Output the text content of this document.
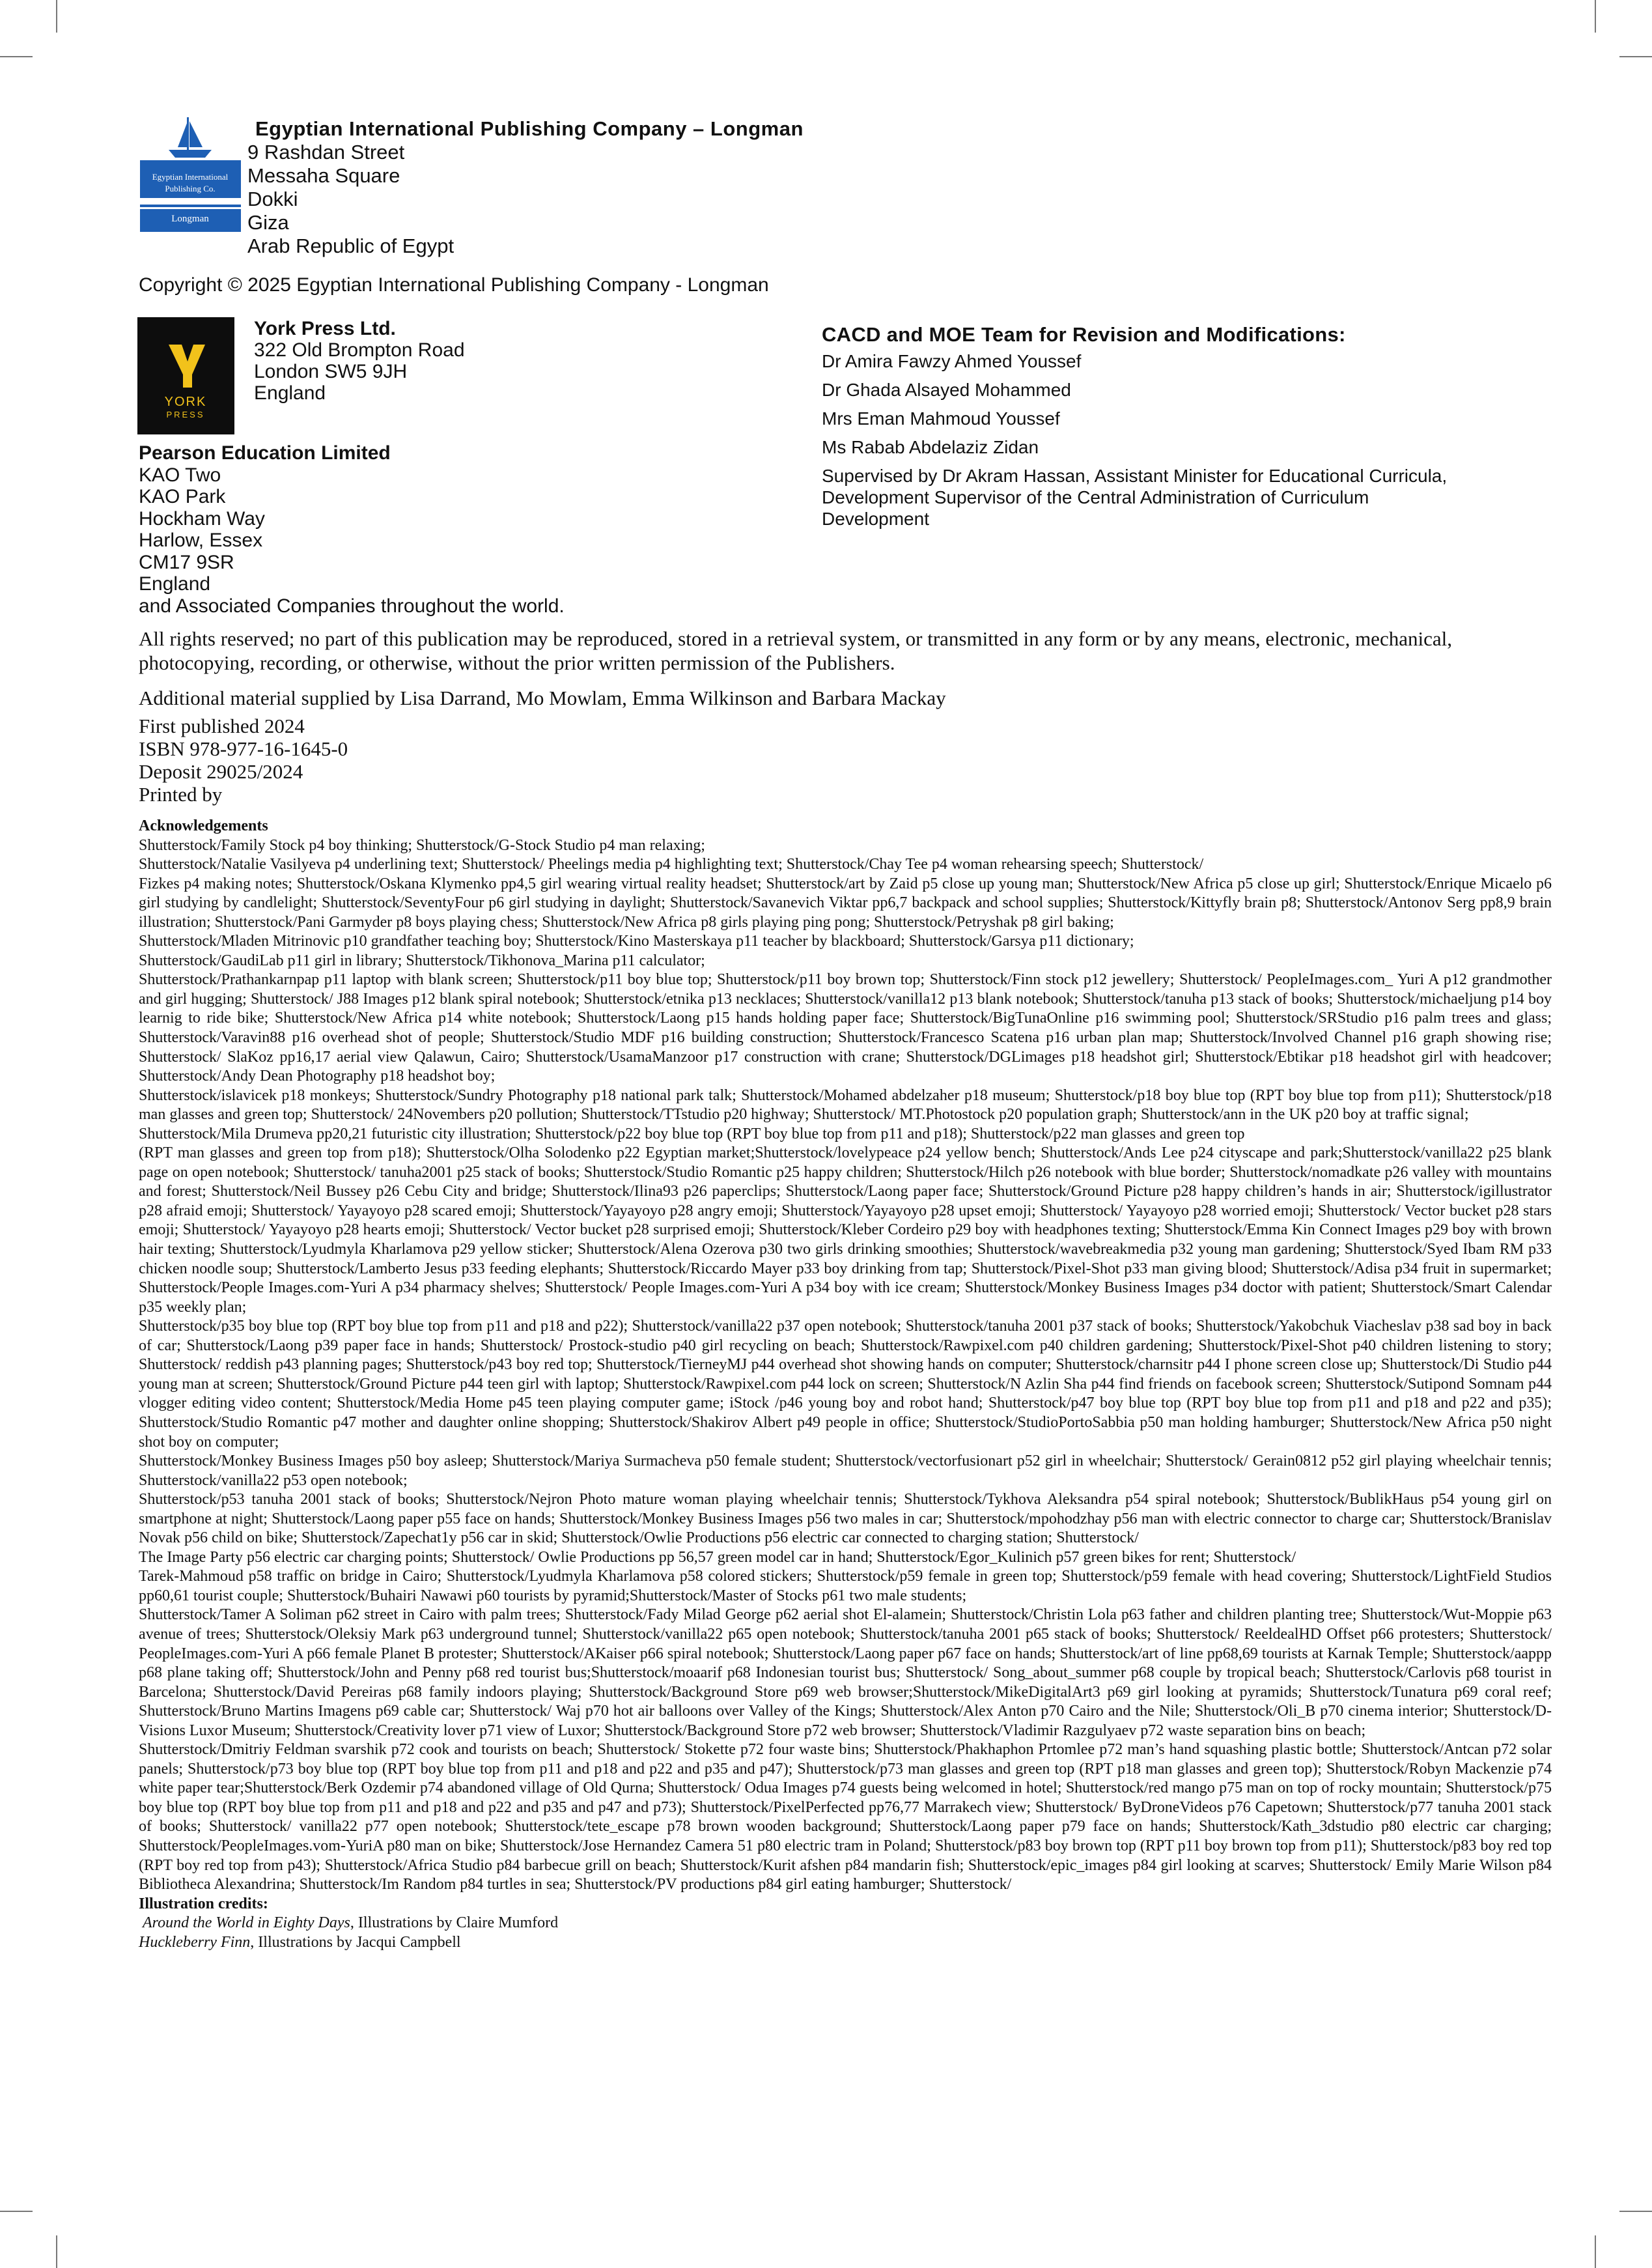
Egyptian International
Publishing Co.
Longman
Egyptian International Publishing Company – Longman
9 Rashdan Street
Messaha Square
Dokki
Giza
Arab Republic of Egypt
Copyright © 2025 Egyptian International Publishing Company - Longman
YORK
PRESS
York Press Ltd.
322 Old Brompton Road
London SW5 9JH
England
CACD and MOE Team for Revision and Modifications:
Dr Amira Fawzy Ahmed Youssef
Dr Ghada Alsayed Mohammed
Mrs Eman Mahmoud Youssef
Ms Rabab Abdelaziz Zidan
Supervised by Dr Akram Hassan, Assistant Minister for Educational Curricula, Development Supervisor of the Central Administration of Curriculum Development
Pearson Education Limited
KAO Two
KAO Park
Hockham Way
Harlow, Essex
CM17 9SR
England
and Associated Companies throughout the world.
All rights reserved; no part of this publication may be reproduced, stored in a retrieval system, or transmitted in any form or by any means, electronic, mechanical, photocopying, recording, or otherwise, without the prior written permission of the Publishers.
Additional material supplied by Lisa Darrand, Mo Mowlam, Emma Wilkinson and Barbara Mackay
First published 2024
ISBN 978-977-16-1645-0
Deposit 29025/2024
Printed by
Acknowledgements

Shutterstock/Family Stock p4 boy thinking; Shutterstock/G-Stock Studio p4 man relaxing;

Shutterstock/Natalie Vasilyeva p4 underlining text; Shutterstock/ Pheelings media p4 highlighting text; Shutterstock/Chay Tee p4 woman rehearsing speech; Shutterstock/

Fizkes p4 making notes; Shutterstock/Oskana Klymenko pp4,5 girl wearing virtual reality headset; Shutterstock/art by Zaid p5 close up young man; Shutterstock/New Africa p5 close up girl; Shutterstock/Enrique Micaelo p6 girl studying by candlelight; Shutterstock/SeventyFour p6 girl studying in daylight; Shutterstock/Savanevich Viktar pp6,7 backpack and school supplies; Shutterstock/Kittyfly brain p8; Shutterstock/Antonov Serg pp8,9 brain illustration; Shutterstock/Pani Garmyder p8 boys playing chess; Shutterstock/New Africa p8 girls playing ping pong; Shutterstock/Petryshak p8 girl baking;

Shutterstock/Mladen Mitrinovic p10 grandfather teaching boy; Shutterstock/Kino Masterskaya p11 teacher by blackboard; Shutterstock/Garsya p11 dictionary;

Shutterstock/GaudiLab p11 girl in library; Shutterstock/Tikhonova_Marina p11 calculator;

Shutterstock/Prathankarnpap p11 laptop with blank screen; Shutterstock/p11 boy blue top; Shutterstock/p11 boy brown top; Shutterstock/Finn stock p12 jewellery; Shutterstock/ PeopleImages.com_ Yuri A p12 grandmother and girl hugging; Shutterstock/ J88 Images p12 blank spiral notebook; Shutterstock/etnika p13 necklaces; Shutterstock/vanilla12 p13 blank notebook; Shutterstock/tanuha p13 stack of books; Shutterstock/michaeljung p14 boy learnig to ride bike; Shutterstock/New Africa p14 white notebook; Shutterstock/Laong p15 hands holding paper face; Shutterstock/BigTunaOnline p16 swimming pool; Shutterstock/SRStudio p16 palm trees and glass; Shutterstock/Varavin88 p16 overhead shot of people; Shutterstock/Studio MDF p16 building construction; Shutterstock/Francesco Scatena p16 urban plan map; Shutterstock/Involved Channel p16 graph showing rise; Shutterstock/ SlaKoz pp16,17 aerial view Qalawun, Cairo; Shutterstock/UsamaManzoor p17 construction with crane; Shutterstock/DGLimages p18 headshot girl; Shutterstock/Ebtikar p18 headshot girl with headcover; Shutterstock/Andy Dean Photography p18 headshot boy;

Shutterstock/islavicek p18 monkeys; Shutterstock/Sundry Photography p18 national park talk; Shutterstock/Mohamed abdelzaher p18 museum; Shutterstock/p18 boy blue top (RPT boy blue top from p11); Shutterstock/p18 man glasses and green top; Shutterstock/ 24Novembers p20 pollution; Shutterstock/TTstudio p20 highway; Shutterstock/ MT.Photostock p20 population graph; Shutterstock/ann in the UK p20 boy at traffic signal;

Shutterstock/Mila Drumeva pp20,21 futuristic city illustration; Shutterstock/p22 boy blue top (RPT boy blue top from p11 and p18); Shutterstock/p22 man glasses and green top

(RPT man glasses and green top from p18); Shutterstock/Olha Solodenko p22 Egyptian market;Shutterstock/lovelypeace p24 yellow bench; Shutterstock/Ands Lee p24 cityscape and park;Shutterstock/vanilla22 p25 blank page on open notebook; Shutterstock/ tanuha2001 p25 stack of books; Shutterstock/Studio Romantic p25 happy children; Shutterstock/Hilch p26 notebook with blue border; Shutterstock/nomadkate p26 valley with mountains and forest; Shutterstock/Neil Bussey p26 Cebu City and bridge; Shutterstock/Ilina93 p26 paperclips; Shutterstock/Laong paper face; Shutterstock/Ground Picture p28 happy children’s hands in air; Shutterstock/igillustrator p28 afraid emoji; Shutterstock/ Yayayoyo p28 scared emoji; Shutterstock/Yayayoyo p28 angry emoji; Shutterstock/Yayayoyo p28 upset emoji; Shutterstock/ Yayayoyo p28 worried emoji; Shutterstock/ Vector bucket p28 stars emoji; Shutterstock/ Yayayoyo p28 hearts emoji; Shutterstock/ Vector bucket p28 surprised emoji; Shutterstock/Kleber Cordeiro p29 boy with headphones texting; Shutterstock/Emma Kin Connect Images p29 boy with brown hair texting; Shutterstock/Lyudmyla Kharlamova p29 yellow sticker; Shutterstock/Alena Ozerova p30 two girls drinking smoothies; Shutterstock/wavebreakmedia p32 young man gardening; Shutterstock/Syed Ibam RM p33 chicken noodle soup; Shutterstock/Lamberto Jesus p33 feeding elephants; Shutterstock/Riccardo Mayer p33 boy drinking from tap; Shutterstock/Pixel-Shot p33 man giving blood; Shutterstock/Adisa p34 fruit in supermarket; Shutterstock/People Images.com-Yuri A p34 pharmacy shelves; Shutterstock/ People Images.com-Yuri A p34 boy with ice cream; Shutterstock/Monkey Business Images p34 doctor with patient; Shutterstock/Smart Calendar p35 weekly plan;

Shutterstock/p35 boy blue top (RPT boy blue top from p11 and p18 and p22); Shutterstock/vanilla22 p37 open notebook; Shutterstock/tanuha 2001 p37 stack of books; Shutterstock/Yakobchuk Viacheslav p38 sad boy in back of car; Shutterstock/Laong p39 paper face in hands; Shutterstock/ Prostock-studio p40 girl recycling on beach; Shutterstock/Rawpixel.com p40 children gardening; Shutterstock/Pixel-Shot p40 children listening to story; Shutterstock/ reddish p43 planning pages; Shutterstock/p43 boy red top; Shutterstock/TierneyMJ p44 overhead shot showing hands on computer; Shutterstock/charnsitr p44 I phone screen close up; Shutterstock/Di Studio p44 young man at screen; Shutterstock/Ground Picture p44 teen girl with laptop; Shutterstock/Rawpixel.com p44 lock on screen; Shutterstock/N Azlin Sha p44 find friends on facebook screen; Shutterstock/Sutipond Somnam p44 vlogger editing video content; Shutterstock/Media Home p45 teen playing computer game; iStock /p46 young boy and robot hand; Shutterstock/p47 boy blue top (RPT boy blue top from p11 and p18 and p22 and p35); Shutterstock/Studio Romantic p47 mother and daughter online shopping; Shutterstock/Shakirov Albert p49 people in office; Shutterstock/StudioPortoSabbia p50 man holding hamburger; Shutterstock/New Africa p50 night shot boy on computer;

Shutterstock/Monkey Business Images p50 boy asleep; Shutterstock/Mariya Surmacheva p50 female student; Shutterstock/vectorfusionart p52 girl in wheelchair; Shutterstock/ Gerain0812 p52 girl playing wheelchair tennis; Shutterstock/vanilla22 p53 open notebook;

Shutterstock/p53 tanuha 2001 stack of books; Shutterstock/Nejron Photo mature woman playing wheelchair tennis; Shutterstock/Tykhova Aleksandra p54 spiral notebook; Shutterstock/BublikHaus p54 young girl on smartphone at night; Shutterstock/Laong paper p55 face on hands; Shutterstock/Monkey Business Images p56 two males in car; Shutterstock/mpohodzhay p56 man with electric connector to charge car; Shutterstock/Branislav Novak p56 child on bike; Shutterstock/Zapechat1y p56 car in skid; Shutterstock/Owlie Productions p56 electric car connected to charging station; Shutterstock/

The Image Party p56 electric car charging points; Shutterstock/ Owlie Productions pp 56,57 green model car in hand; Shutterstock/Egor_Kulinich p57 green bikes for rent; Shutterstock/

Tarek-Mahmoud p58 traffic on bridge in Cairo; Shutterstock/Lyudmyla Kharlamova p58 colored stickers; Shutterstock/p59 female in green top; Shutterstock/p59 female with head covering; Shutterstock/LightField Studios pp60,61 tourist couple; Shutterstock/Buhairi Nawawi p60 tourists by pyramid;Shutterstock/Master of Stocks p61 two male students;

Shutterstock/Tamer A Soliman p62 street in Cairo with palm trees; Shutterstock/Fady Milad George p62 aerial shot El-alamein; Shutterstock/Christin Lola p63 father and children planting tree; Shutterstock/Wut-Moppie p63 avenue of trees; Shutterstock/Oleksiy Mark p63 underground tunnel; Shutterstock/vanilla22 p65 open notebook; Shutterstock/tanuha 2001 p65 stack of books; Shutterstock/ ReeldealHD Offset p66 protesters; Shutterstock/ PeopleImages.com-Yuri A p66 female Planet B protester; Shutterstock/AKaiser p66 spiral notebook; Shutterstock/Laong paper p67 face on hands; Shutterstock/art of line pp68,69 tourists at Karnak Temple; Shutterstock/aappp p68 plane taking off; Shutterstock/John and Penny p68 red tourist bus;Shutterstock/moaarif p68 Indonesian tourist bus; Shutterstock/ Song_about_summer p68 couple by tropical beach; Shutterstock/Carlovis p68 tourist in Barcelona; Shutterstock/David Pereiras p68 family indoors playing; Shutterstock/Background Store p69 web browser;Shutterstock/MikeDigitalArt3 p69 girl looking at pyramids; Shutterstock/Tunatura p69 coral reef; Shutterstock/Bruno Martins Imagens p69 cable car; Shutterstock/ Waj p70 hot air balloons over Valley of the Kings; Shutterstock/Alex Anton p70 Cairo and the Nile; Shutterstock/Oli_B p70 cinema interior; Shutterstock/D-Visions Luxor Museum; Shutterstock/Creativity lover p71 view of Luxor; Shutterstock/Background Store p72 web browser; Shutterstock/Vladimir Razgulyaev p72 waste separation bins on beach;

Shutterstock/Dmitriy Feldman svarshik p72 cook and tourists on beach; Shutterstock/ Stokette p72 four waste bins; Shutterstock/Phakhaphon Prtomlee p72 man’s hand squashing plastic bottle; Shutterstock/Antcan p72 solar panels; Shutterstock/p73 boy blue top (RPT boy blue top from p11 and p18 and p22 and p35 and p47); Shutterstock/p73 man glasses and green top (RPT p18 man glasses and green top); Shutterstock/Robyn Mackenzie p74 white paper tear;Shutterstock/Berk Ozdemir p74 abandoned village of Old Qurna; Shutterstock/ Odua Images p74 guests being welcomed in hotel; Shutterstock/red mango p75 man on top of rocky mountain; Shutterstock/p75 boy blue top (RPT boy blue top from p11 and p18 and p22 and p35 and p47 and p73); Shutterstock/PixelPerfected pp76,77 Marrakech view; Shutterstock/ ByDroneVideos p76 Capetown; Shutterstock/p77 tanuha 2001 stack of books; Shutterstock/ vanilla22 p77 open notebook; Shutterstock/tete_escape p78 brown wooden background; Shutterstock/Laong paper p79 face on hands; Shutterstock/Kath_3dstudio p80 electric car charging; Shutterstock/PeopleImages.vom-YuriA p80 man on bike; Shutterstock/Jose Hernandez Camera 51 p80 electric tram in Poland; Shutterstock/p83 boy brown top (RPT p11 boy brown top from p11); Shutterstock/p83 boy red top (RPT boy red top from p43); Shutterstock/Africa Studio p84 barbecue grill on beach; Shutterstock/Kurit afshen p84 mandarin fish; Shutterstock/epic_images p84 girl looking at scarves; Shutterstock/ Emily Marie Wilson p84 Bibliotheca Alexandrina; Shutterstock/Im Random p84 turtles in sea; Shutterstock/PV productions p84 girl eating hamburger; Shutterstock/

Illustration credits:
Around the World in Eighty Days, Illustrations by Claire Mumford
Huckleberry Finn, Illustrations by Jacqui Campbell
